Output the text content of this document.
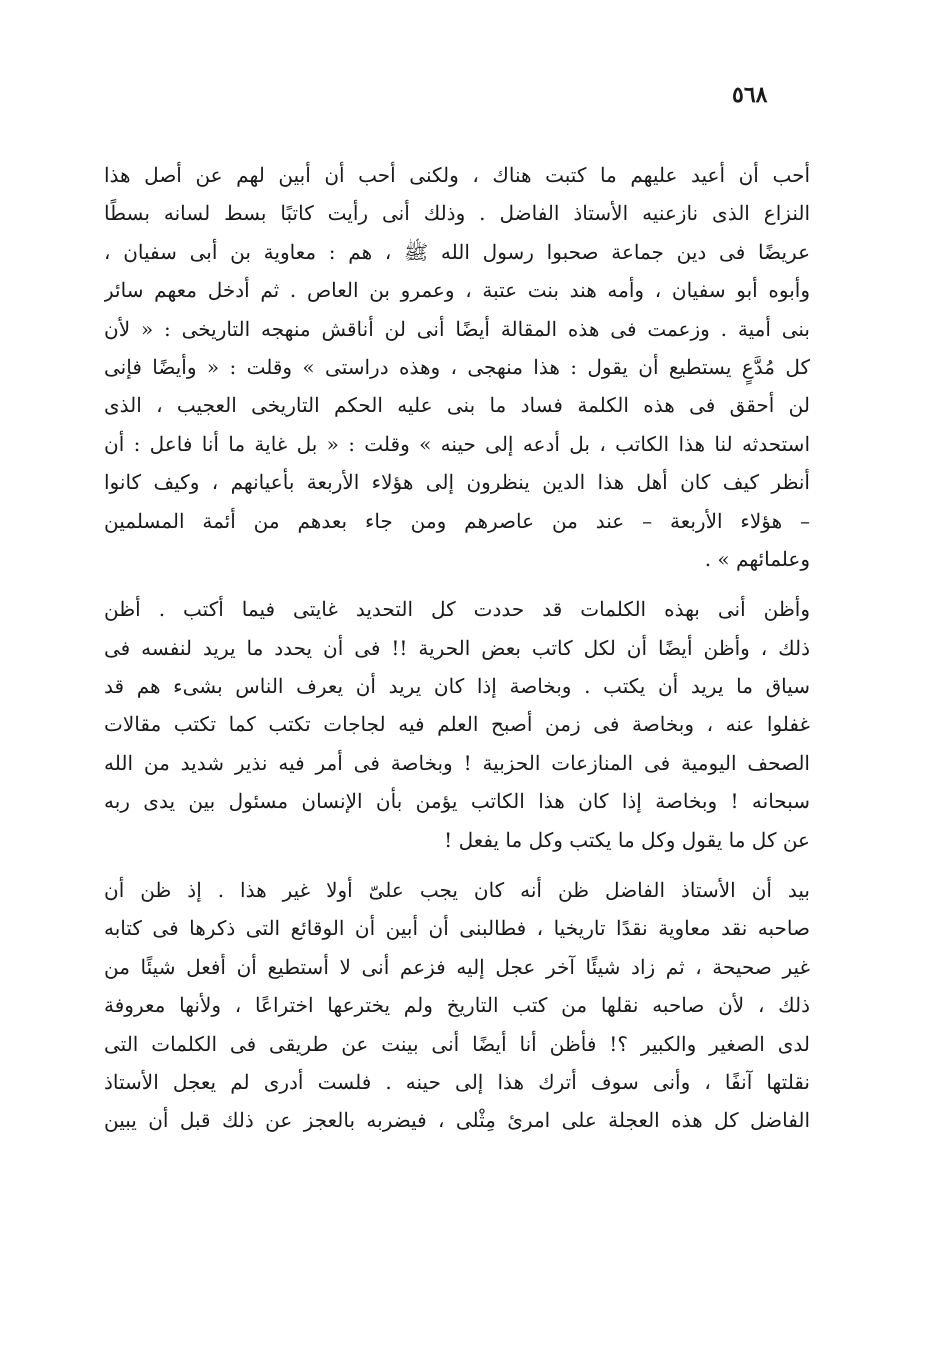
٥٦٨
أحب أن أعيد عليهم ما كتبت هناك ، ولكنى أحب أن أبين لهم عن أصل هذا
النزاع الذى نازعنيه الأستاذ الفاضل . وذلك أنى رأيت كاتبًا بسط لسانه بسطًا
عريضًا فى دين جماعة صحبوا رسول الله ﷺ ، هم : معاوية بن أبى سفيان ،
وأبوه أبو سفيان ، وأمه هند بنت عتبة ، وعمرو بن العاص . ثم أدخل معهم سائر
بنى أمية . وزعمت فى هذه المقالة أيضًا أنى لن أناقش منهجه التاريخى : « لأن
كل مُدَّعٍ يستطيع أن يقول : هذا منهجى ، وهذه دراستى » وقلت : « وأيضًا فإنى
لن أحقق فى هذه الكلمة فساد ما بنى عليه الحكم التاريخى العجيب ، الذى
استحدثه لنا هذا الكاتب ، بل أدعه إلى حينه » وقلت : « بل غاية ما أنا فاعل : أن
أنظر كيف كان أهل هذا الدين ينظرون إلى هؤلاء الأربعة بأعيانهم ، وكيف كانوا
– هؤلاء الأربعة – عند من عاصرهم ومن جاء بعدهم من أئمة المسلمين
وعلمائهم » .
وأظن أنى بهذه الكلمات قد حددت كل التحديد غايتى فيما أكتب . أظن
ذلك ، وأظن أيضًا أن لكل كاتب بعض الحرية !! فى أن يحدد ما يريد لنفسه فى
سياق ما يريد أن يكتب . وبخاصة إذا كان يريد أن يعرف الناس بشىء هم قد
غفلوا عنه ، وبخاصة فى زمن أصبح العلم فيه لجاجات تكتب كما تكتب مقالات
الصحف اليومية فى المنازعات الحزبية ! وبخاصة فى أمر فيه نذير شديد من الله
سبحانه ! وبخاصة إذا كان هذا الكاتب يؤمن بأن الإنسان مسئول بين يدى ربه
عن كل ما يقول وكل ما يكتب وكل ما يفعل !
بيد أن الأستاذ الفاضل ظن أنه كان يجب علىّ أولا غير هذا . إذ ظن أن
صاحبه نقد معاوية نقدًا تاريخيا ، فطالبنى أن أبين أن الوقائع التى ذكرها فى كتابه
غير صحيحة ، ثم زاد شيئًا آخر عجل إليه فزعم أنى لا أستطيع أن أفعل شيئًا من
ذلك ، لأن صاحبه نقلها من كتب التاريخ ولم يخترعها اختراعًا ، ولأنها معروفة
لدى الصغير والكبير ؟! فأظن أنا أيضًا أنى بينت عن طريقى فى الكلمات التى
نقلتها آنفًا ، وأنى سوف أترك هذا إلى حينه . فلست أدرى لم يعجل الأستاذ
الفاضل كل هذه العجلة على امرئ مِثْلى ، فيضربه بالعجز عن ذلك قبل أن يبين
